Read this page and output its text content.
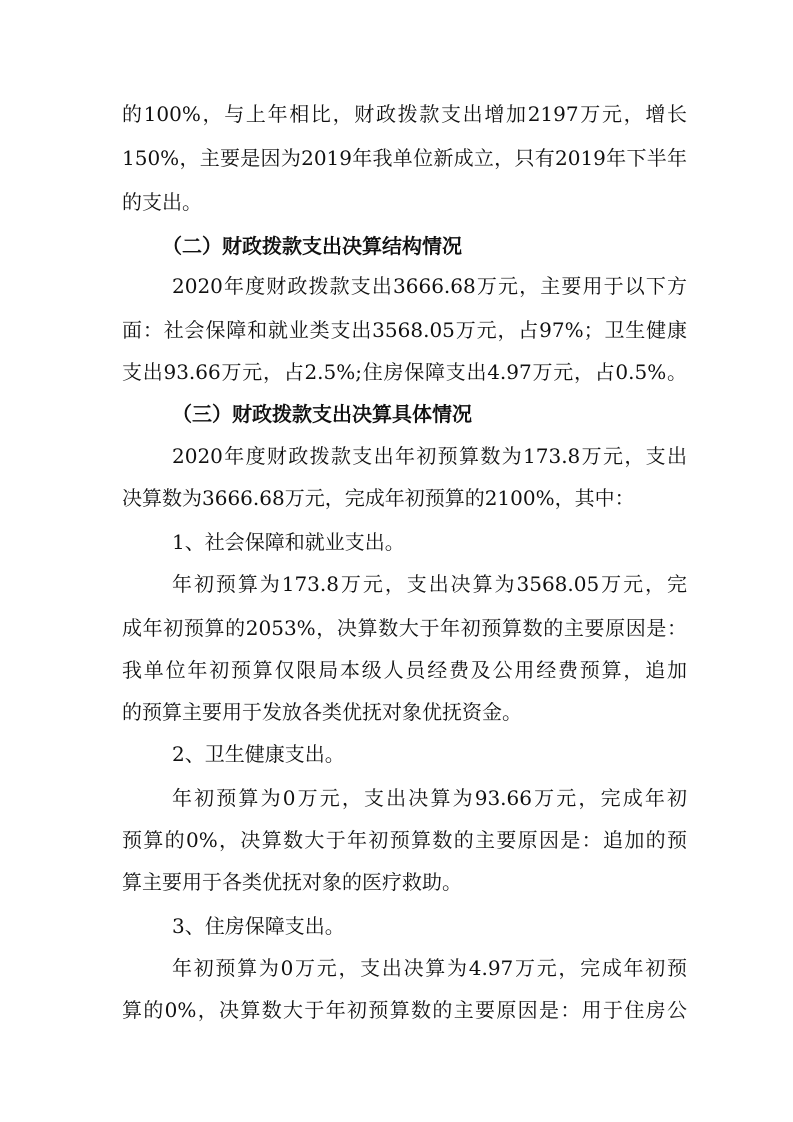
的100%，与上年相比，财政拨款支出增加2197万元，增长
150%，主要是因为2019年我单位新成立，只有2019年下半年
的支出。
（二）财政拨款支出决算结构情况
2020年度财政拨款支出3666.68万元，主要用于以下方
面：社会保障和就业类支出3568.05万元，占97%；卫生健康
支出93.66万元，占2.5%;住房保障支出4.97万元，占0.5%。
（三）财政拨款支出决算具体情况
2020年度财政拨款支出年初预算数为173.8万元，支出
决算数为3666.68万元，完成年初预算的2100%，其中：
1、社会保障和就业支出。
年初预算为173.8万元，支出决算为3568.05万元，完
成年初预算的2053%，决算数大于年初预算数的主要原因是：
我单位年初预算仅限局本级人员经费及公用经费预算，追加
的预算主要用于发放各类优抚对象优抚资金。
2、卫生健康支出。
年初预算为0万元，支出决算为93.66万元，完成年初
预算的0%，决算数大于年初预算数的主要原因是：追加的预
算主要用于各类优抚对象的医疗救助。
3、住房保障支出。
年初预算为0万元，支出决算为4.97万元，完成年初预
算的0%，决算数大于年初预算数的主要原因是：用于住房公
